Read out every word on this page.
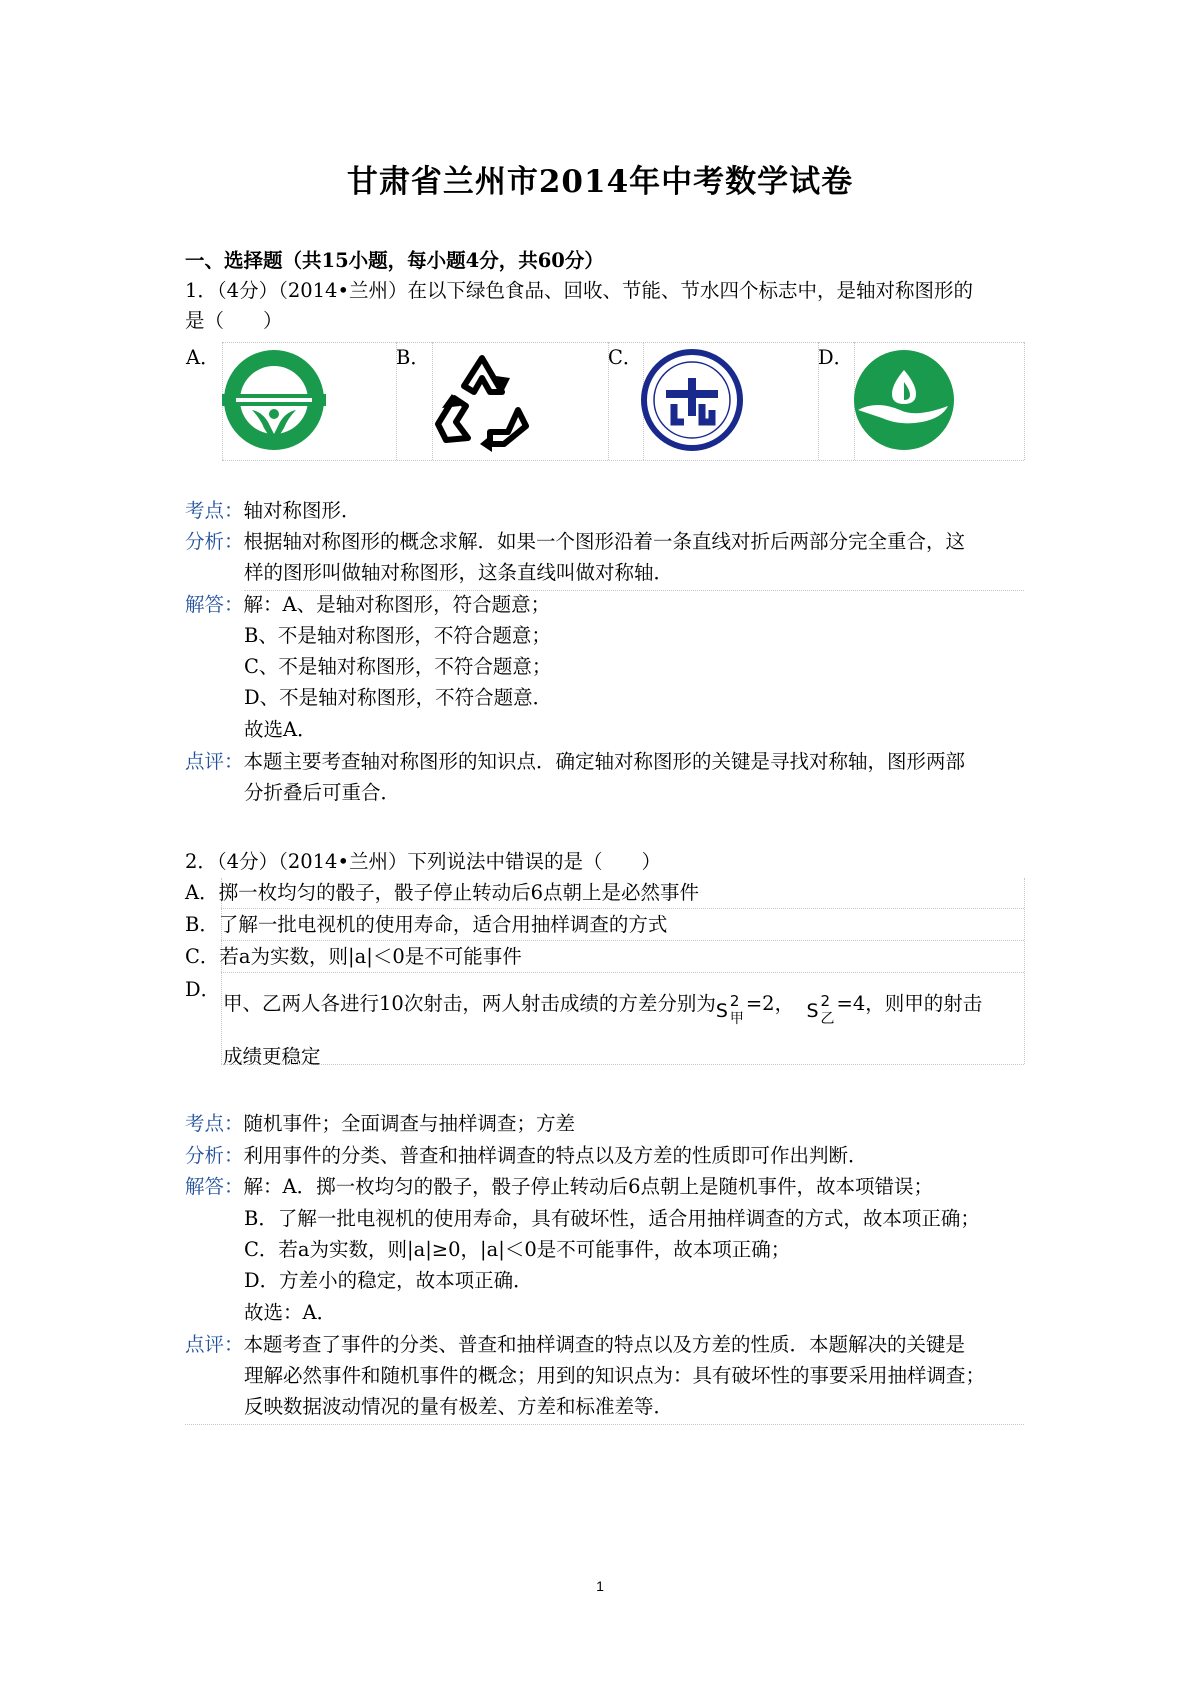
甘肃省兰州市2014年中考数学试卷
一、选择题（共15小题，每小题4分，共60分）
1．（4分）（2014•兰州）在以下绿色食品、回收、节能、节水四个标志中，是轴对称图形的
是（　　）
A．	B．	C．	D．
考点：轴对称图形．
分析：根据轴对称图形的概念求解．如果一个图形沿着一条直线对折后两部分完全重合，这
样的图形叫做轴对称图形，这条直线叫做对称轴．
解答：解：A、是轴对称图形，符合题意；
B、不是轴对称图形，不符合题意；
C、不是轴对称图形，不符合题意；
D、不是轴对称图形，不符合题意．
故选A．
点评：本题主要考查轴对称图形的知识点．确定轴对称图形的关键是寻找对称轴，图形两部
分折叠后可重合．
2．（4分）（2014•兰州）下列说法中错误的是（　　）
A．掷一枚均匀的骰子，骰子停止转动后6点朝上是必然事件
B．了解一批电视机的使用寿命，适合用抽样调查的方式
C．若a为实数，则|a|＜0是不可能事件
D．
甲、乙两人各进行10次射击，两人射击成绩的方差分别为 S 2
甲
=2， S 2
乙
=4，则甲的射击
成绩更稳定
考点：随机事件；全面调查与抽样调查；方差
分析：利用事件的分类、普查和抽样调查的特点以及方差的性质即可作出判断．
解答：解：A．掷一枚均匀的骰子，骰子停止转动后6点朝上是随机事件，故本项错误；
B．了解一批电视机的使用寿命，具有破坏性，适合用抽样调查的方式，故本项正确；
C．若a为实数，则|a|≥0，|a|＜0是不可能事件，故本项正确；
D．方差小的稳定，故本项正确．
故选：A．
点评：本题考查了事件的分类、普查和抽样调查的特点以及方差的性质．本题解决的关键是
理解必然事件和随机事件的概念；用到的知识点为：具有破坏性的事要采用抽样调查；
反映数据波动情况的量有极差、方差和标准差等．
1
